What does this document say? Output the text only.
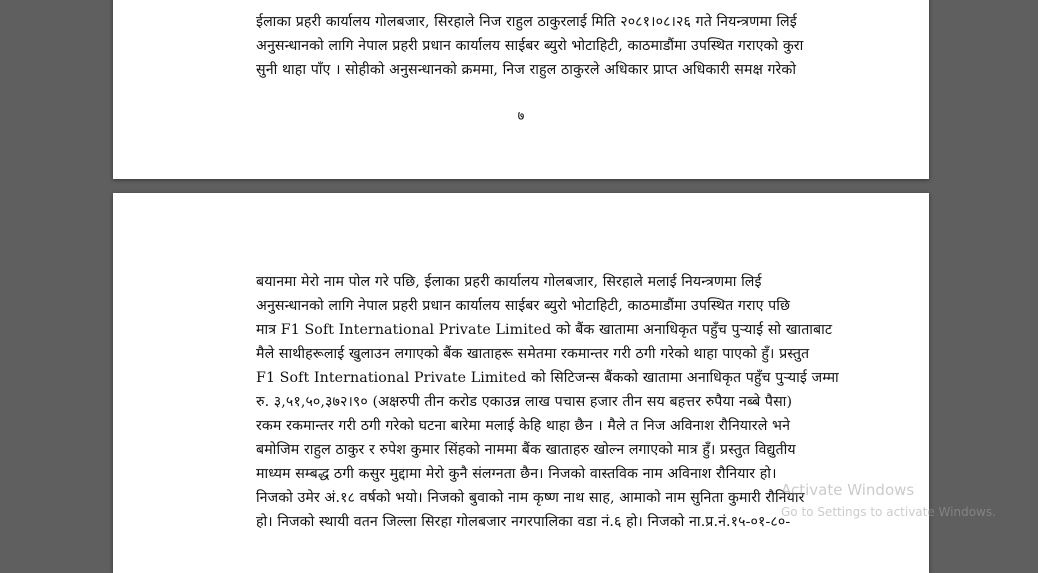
ईलाका प्रहरी कार्यालय गोलबजार, सिरहाले निज राहुल ठाकुरलाई मिति २०८१।०८।२६ गते नियन्त्रणमा लिई
अनुसन्धानको लागि नेपाल प्रहरी प्रधान कार्यालय साईबर ब्युरो भोटाहिटी, काठमाडौंमा उपस्थित गराएको कुरा
सुनी थाहा पाँए । सोहीको अनुसन्धानको क्रममा, निज राहुल ठाकुरले अधिकार प्राप्त अधिकारी समक्ष गरेको
७
बयानमा मेरो नाम पोल गरे पछि, ईलाका प्रहरी कार्यालय गोलबजार, सिरहाले मलाई नियन्त्रणमा लिई
अनुसन्धानको लागि नेपाल प्रहरी प्रधान कार्यालय साईबर ब्युरो भोटाहिटी, काठमाडौंमा उपस्थित गराए पछि
मात्र F1 Soft International Private Limited को बैंक खातामा अनाधिकृत पहुँच पुऱ्याई सो खाताबाट
मैले साथीहरूलाई खुलाउन लगाएको बैंक खाताहरू समेतमा रकमान्तर गरी ठगी गरेको थाहा पाएको हुँ। प्रस्तुत
F1 Soft International Private Limited को सिटिजन्स बैंकको खातामा अनाधिकृत पहुँच पुऱ्याई जम्मा
रु. ३,५१,५०,३७२।९० (अक्षरुपी तीन करोड एकाउन्न लाख पचास हजार तीन सय बहत्तर रुपैया नब्बे पैसा)
रकम रकमान्तर गरी ठगी गरेको घटना बारेमा मलाई केहि थाहा छैन । मैले त निज अविनाश रौनियारले भने
बमोजिम राहुल ठाकुर र रुपेश कुमार सिंहको नाममा बैंक खाताहरु खोल्न लगाएको मात्र हुँ। प्रस्तुत विद्युतीय
माध्यम सम्बद्ध ठगी कसुर मुद्दामा मेरो कुनै संलग्नता छैन। निजको वास्तविक नाम अविनाश रौनियार हो।
निजको उमेर अं.१८ वर्षको भयो। निजको बुवाको नाम कृष्ण नाथ साह, आमाको नाम सुनिता कुमारी रौनियार
हो। निजको स्थायी वतन जिल्ला सिरहा गोलबजार नगरपालिका वडा नं.६ हो। निजको ना.प्र.नं.१५-०१-८०-
Activate Windows
Go to Settings to activate Windows.
